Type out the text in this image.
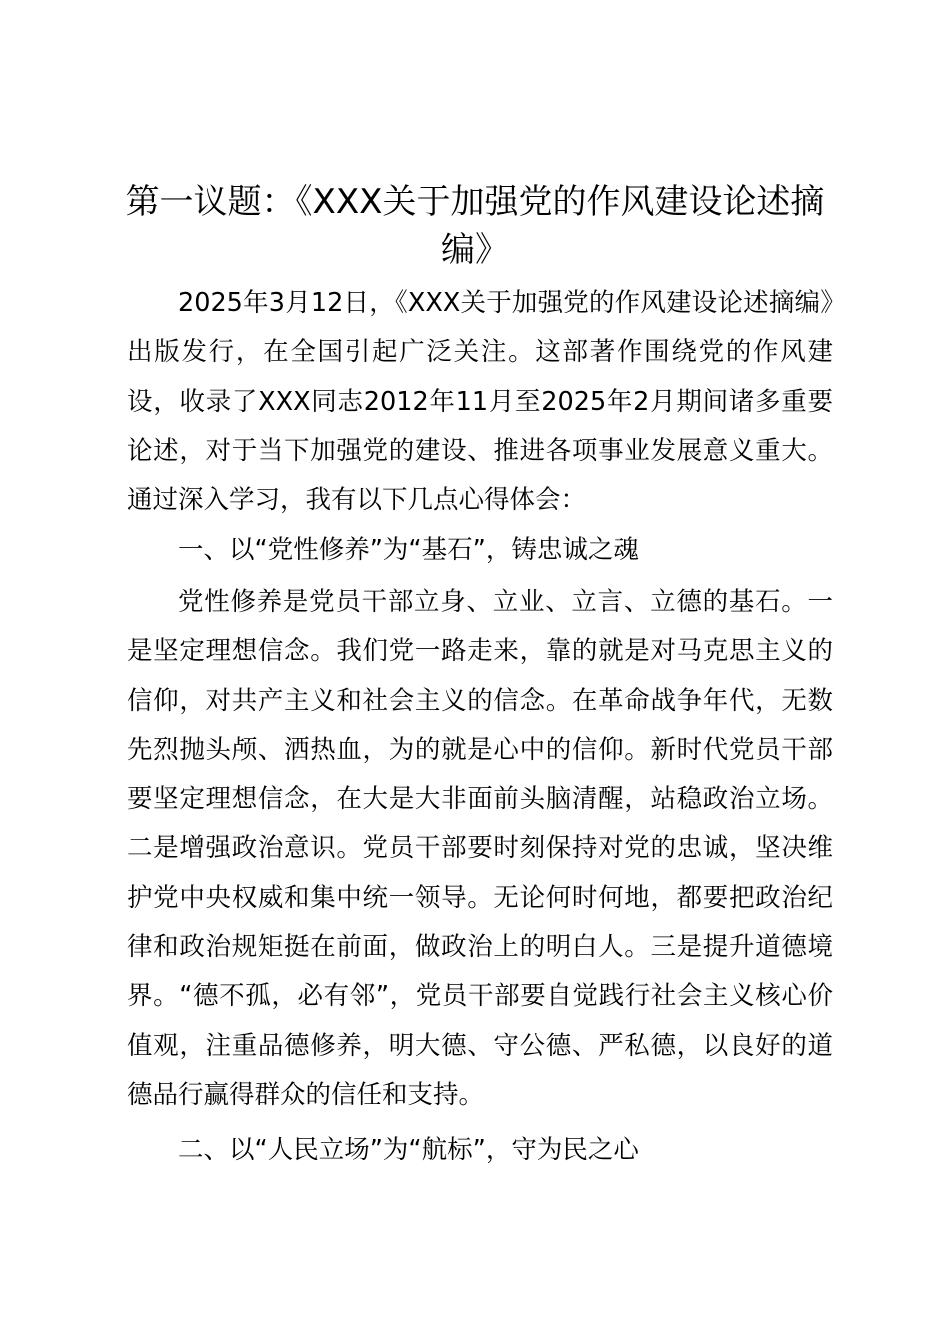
第一议题：《XXX关于加强党的作风建设论述摘编》

2025年3月12日，《XXX关于加强党的作风建设论述摘编》出版发行，在全国引起广泛关注。这部著作围绕党的作风建设，收录了XXX同志2012年11月至2025年2月期间诸多重要论述，对于当下加强党的建设、推进各项事业发展意义重大。通过深入学习，我有以下几点心得体会：

一、以“党性修养”为“基石”，铸忠诚之魂

党性修养是党员干部立身、立业、立言、立德的基石。一是坚定理想信念。我们党一路走来，靠的就是对马克思主义的信仰，对共产主义和社会主义的信念。在革命战争年代，无数先烈抛头颅、洒热血，为的就是心中的信仰。新时代党员干部要坚定理想信念，在大是大非面前头脑清醒，站稳政治立场。二是增强政治意识。党员干部要时刻保持对党的忠诚，坚决维护党中央权威和集中统一领导。无论何时何地，都要把政治纪律和政治规矩挺在前面，做政治上的明白人。三是提升道德境界。“德不孤，必有邻”，党员干部要自觉践行社会主义核心价值观，注重品德修养，明大德、守公德、严私德，以良好的道德品行赢得群众的信任和支持。

二、以“人民立场”为“航标”，守为民之心
